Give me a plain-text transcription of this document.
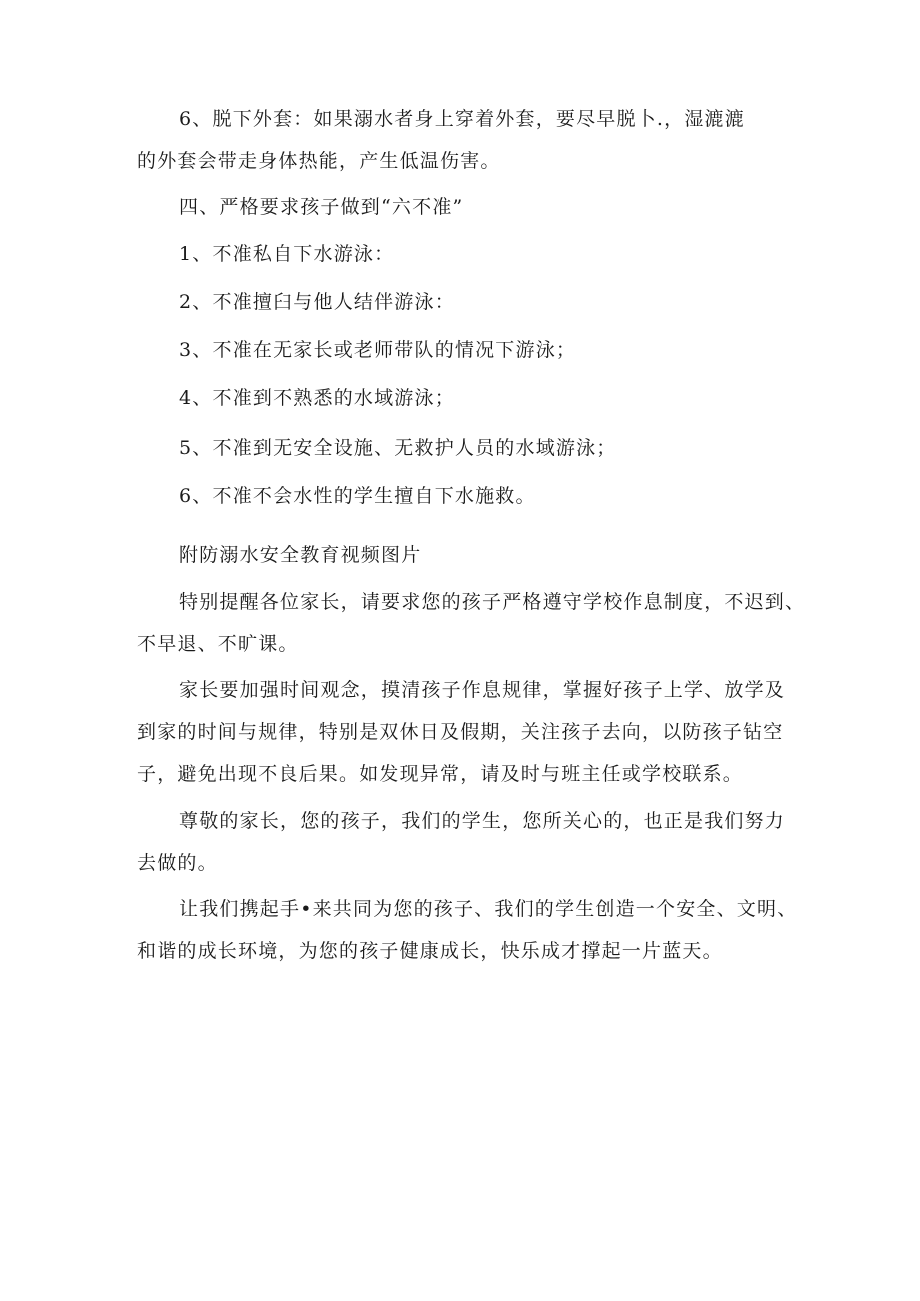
6、脱下外套：如果溺水者身上穿着外套，要尽早脱卜.，湿漉漉
的外套会带走身体热能，产生低温伤害。
四、严格要求孩子做到“六不准”
1、不准私自下水游泳：
2、不准擅臼与他人结伴游泳：
3、不准在无家长或老师带队的情况下游泳；
4、不准到不熟悉的水域游泳；
5、不准到无安全设施、无救护人员的水域游泳；
6、不准不会水性的学生擅自下水施救。
附防溺水安全教育视频图片
特别提醒各位家长，请要求您的孩子严格遵守学校作息制度，不迟到、
不早退、不旷课。
家长要加强时间观念，摸清孩子作息规律，掌握好孩子上学、放学及
到家的时间与规律，特别是双休日及假期，关注孩子去向，以防孩子钻空
子，避免出现不良后果。如发现异常，请及时与班主任或学校联系。
尊敬的家长，您的孩子，我们的学生，您所关心的，也正是我们努力
去做的。
让我们携起手•来共同为您的孩子、我们的学生创造一个安全、文明、
和谐的成长环境，为您的孩子健康成长，快乐成才撑起一片蓝天。
